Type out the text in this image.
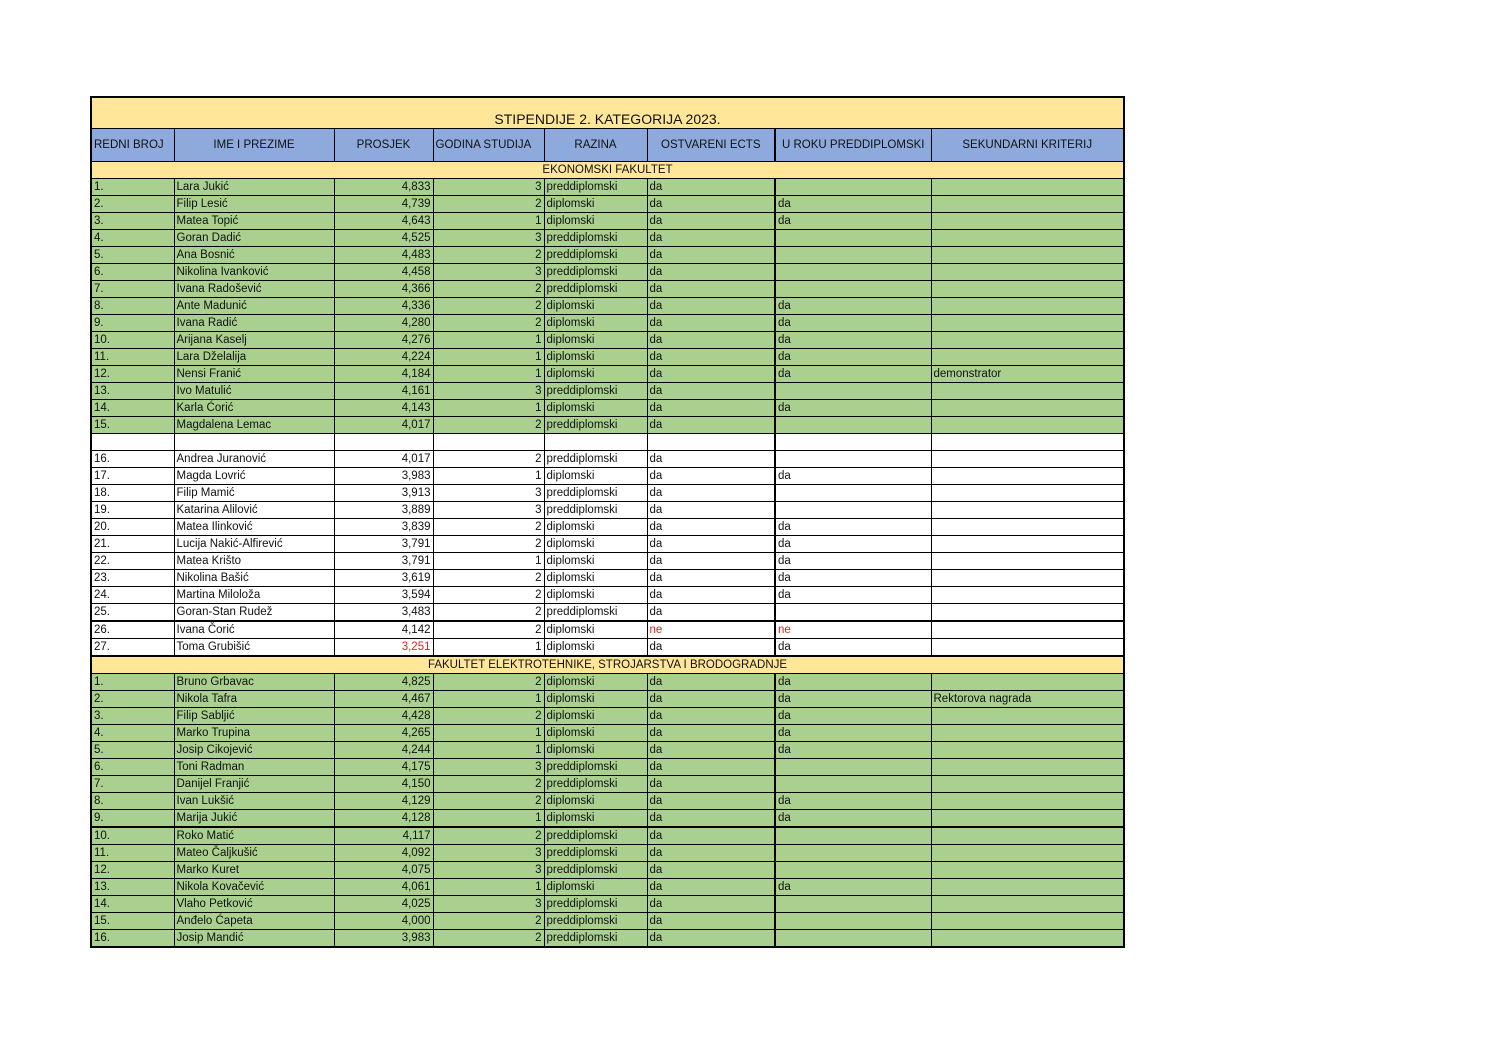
STIPENDIJE 2. KATEGORIJA 2023.							
REDNI BROJ	IME I PREZIME	PROSJEK	GODINA STUDIJA	RAZINA	OSTVARENI ECTS	U ROKU PREDDIPLOMSKI	SEKUNDARNI KRITERIJ
EKONOMSKI FAKULTET							
1.	Lara Jukić	4,833	3	preddiplomski	da		
2.	Filip Lesić	4,739	2	diplomski	da	da	
3.	Matea Topić	4,643	1	diplomski	da	da	
4.	Goran Dadić	4,525	3	preddiplomski	da		
5.	Ana Bosnić	4,483	2	preddiplomski	da		
6.	Nikolina Ivanković	4,458	3	preddiplomski	da		
7.	Ivana Radošević	4,366	2	preddiplomski	da		
8.	Ante Madunić	4,336	2	diplomski	da	da	
9.	Ivana Radić	4,280	2	diplomski	da	da	
10.	Arijana Kaselj	4,276	1	diplomski	da	da	
11.	Lara Dželalija	4,224	1	diplomski	da	da	
12.	Nensi Franić	4,184	1	diplomski	da	da	demonstrator
13.	Ivo Matulić	4,161	3	preddiplomski	da		
14.	Karla Ćorić	4,143	1	diplomski	da	da	
15.	Magdalena Lemac	4,017	2	preddiplomski	da		

16.	Andrea Juranović	4,017	2	preddiplomski	da		
17.	Magda Lovrić	3,983	1	diplomski	da	da	
18.	Filip Mamić	3,913	3	preddiplomski	da		
19.	Katarina Alilović	3,889	3	preddiplomski	da		
20.	Matea Ilinković	3,839	2	diplomski	da	da	
21.	Lucija Nakić-Alfirević	3,791	2	diplomski	da	da	
22.	Matea Krišto	3,791	1	diplomski	da	da	
23.	Nikolina Bašić	3,619	2	diplomski	da	da	
24.	Martina Miloloža	3,594	2	diplomski	da	da	
25.	Goran-Stan Rudež	3,483	2	preddiplomski	da		
26.	Ivana Čorić	4,142	2	diplomski	ne	ne	
27.	Toma Grubišić	3,251	1	diplomski	da	da	
FAKULTET ELEKTROTEHNIKE, STROJARSTVA I BRODOGRADNJE							
1.	Bruno Grbavac	4,825	2	diplomski	da	da	
2.	Nikola Tafra	4,467	1	diplomski	da	da	Rektorova nagrada
3.	Filip Sabljić	4,428	2	diplomski	da	da	
4.	Marko Trupina	4,265	1	diplomski	da	da	
5.	Josip Cikojević	4,244	1	diplomski	da	da	
6.	Toni Radman	4,175	3	preddiplomski	da		
7.	Danijel Franjić	4,150	2	preddiplomski	da		
8.	Ivan Lukšić	4,129	2	diplomski	da	da	
9.	Marija Jukić	4,128	1	diplomski	da	da	
10.	Roko Matić	4,117	2	preddiplomski	da		
11.	Mateo Čaljkušić	4,092	3	preddiplomski	da		
12.	Marko Kuret	4,075	3	preddiplomski	da		
13.	Nikola Kovačević	4,061	1	diplomski	da	da	
14.	Vlaho Petković	4,025	3	preddiplomski	da		
15.	Anđelo Ćapeta	4,000	2	preddiplomski	da		
16.	Josip Mandić	3,983	2	preddiplomski	da		
